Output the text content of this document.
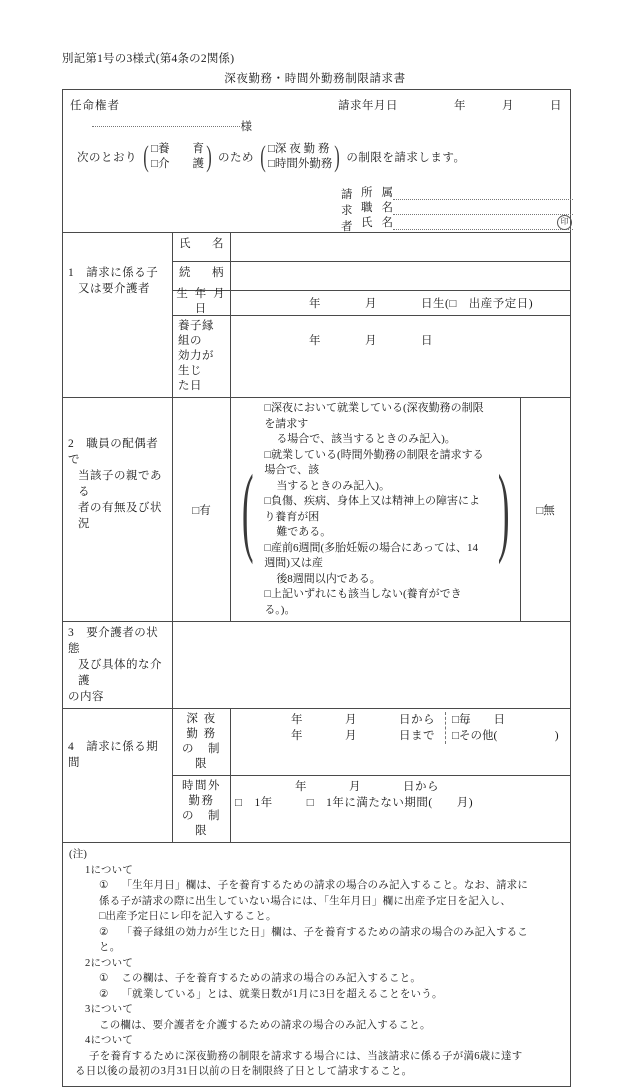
別記第1号の3様式(第4条の2関係)
深夜勤務・時間外勤務制限請求書
任命権者
様
請求年月日	年	月	日
次のとおり ( □養　　育
□介　　護 ) のため ( □深 夜 勤 務
□時間外勤務 ) の制限を請求します。
請求者
所 属
職 名
氏 名	印

1　請求に係る子
又は要介護者

氏 名

	続 柄		

生 年 月 日	年 月 日生(□　出産予定日)	

	養子縁組の
効力が生じ
た日	年 月 日	

2　職員の配偶者で
当該子の親である
者の有無及び状況
	□有	(
□深夜において就業している(深夜勤務の制限を請求す
る場合で、該当するときのみ記入)。
□就業している(時間外勤務の制限を請求する場合で、該
当するときのみ記入)。
□負傷、疾病、身体上又は精神上の障害により養育が困
難である。
□産前6週間(多胎妊娠の場合にあっては、14週間)又は産
後8週間以内である。
□上記いずれにも該当しない(養育ができる。)。
)	□無

3　要介護者の状態
及び具体的な介護
の内容			

4　請求に係る期間

深 夜 勤 務
の　制　限

年	月	日から
年	月	日まで
□毎　　日
□その他(　　　　　)

時間外勤務
の　制　限

年	月	日から
□　1年	□　1年に満たない期間(　　月)

(注)
1について
① 「生年月日」欄は、子を養育するための請求の場合のみ記入すること。なお、請求に
係る子が請求の際に出生していない場合には、「生年月日」欄に出産予定日を記入し、
□出産予定日にレ印を記入すること。
② 「養子縁組の効力が生じた日」欄は、子を養育するための請求の場合のみ記入するこ
と。
2について
① この欄は、子を養育するための請求の場合のみ記入すること。
② 「就業している」とは、就業日数が1月に3日を超えることをいう。
3について
この欄は、要介護者を介護するための請求の場合のみ記入すること。
4について
子を養育するために深夜勤務の制限を請求する場合には、当該請求に係る子が満6歳に達す
る日以後の最初の3月31日以前の日を制限終了日として請求すること。
